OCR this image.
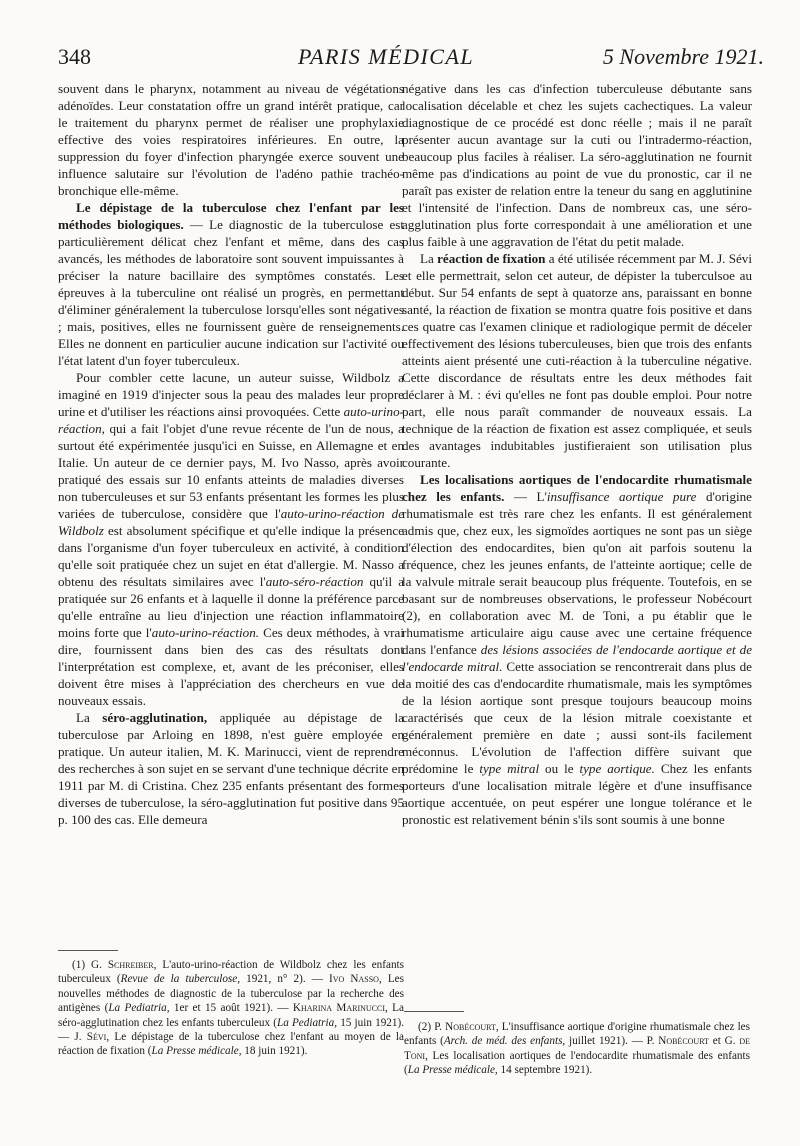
348	PARIS MÉDICAL	5 Novembre 1921.

souvent dans le pharynx, notamment au niveau de végétations adénoïdes. Leur constatation offre un grand intérêt pratique, car le traitement du pharynx permet de réaliser une prophylaxie effective des voies respiratoires inférieures. En outre, la suppression du foyer d'infection pharyngée exerce souvent une influence salutaire sur l'évolution de l'adéno pathie trachéo-bronchique elle-même.

Le dépistage de la tuberculose chez l'enfant par les méthodes biologiques. — Le diagnostic de la tuberculose est particulièrement délicat chez l'enfant et même, dans des cas avancés, les méthodes de laboratoire sont souvent impuissantes à préciser la nature bacillaire des symptômes constatés. Les épreuves à la tuberculine ont réalisé un progrès, en permettant d'éliminer généralement la tuberculose lorsqu'elles sont négatives ; mais, positives, elles ne fournissent guère de renseignements. Elles ne donnent en particulier aucune indication sur l'activité ou l'état latent d'un foyer tuberculeux.

Pour combler cette lacune, un auteur suisse, Wildbolz a imaginé en 1919 d'injecter sous la peau des malades leur propre urine et d'utiliser les réactions ainsi provoquées. Cette auto-urino-réaction, qui a fait l'objet d'une revue récente de l'un de nous, a surtout été expérimentée jusqu'ici en Suisse, en Allemagne et en Italie. Un auteur de ce dernier pays, M. Ivo Nasso, après avoir pratiqué des essais sur 10 enfants atteints de maladies diverses non tuberculeuses et sur 53 enfants présentant les formes les plus variées de tuberculose, considère que l'auto-urino-réaction de Wildbolz est absolument spécifique et qu'elle indique la présence dans l'organisme d'un foyer tuberculeux en activité, à condition qu'elle soit pratiquée chez un sujet en état d'allergie. M. Nasso a obtenu des résultats similaires avec l'auto-séro-réaction qu'il a pratiquée sur 26 enfants et à laquelle il donne la préférence parce qu'elle entraîne au lieu d'injection une réaction inflammatoire moins forte que l'auto-urino-réaction. Ces deux méthodes, à vrai dire, fournissent dans bien des cas des résultats dont l'interprétation est complexe, et, avant de les préconiser, elles doivent être mises à l'appréciation des chercheurs en vue de nouveaux essais.

La séro-agglutination, appliquée au dépistage de la tuberculose par Arloing en 1898, n'est guère employée en pratique. Un auteur italien, M. K. Marinucci, vient de reprendre des recherches à son sujet en se servant d'une technique décrite en 1911 par M. di Cristina. Chez 235 enfants présentant des formes diverses de tuberculose, la séro-agglutination fut positive dans 95 p. 100 des cas. Elle demeura

négative dans les cas d'infection tuberculeuse débutante sans localisation décelable et chez les sujets cachectiques. La valeur diagnostique de ce procédé est donc réelle ; mais il ne paraît présenter aucun avantage sur la cuti ou l'intradermo-réaction, beaucoup plus faciles à réaliser. La séro-agglutination ne fournit même pas d'indications au point de vue du pronostic, car il ne paraît pas exister de relation entre la teneur du sang en agglutinine et l'intensité de l'infection. Dans de nombreux cas, une séro-agglutination plus forte correspondait à une amélioration et une plus faible à une aggravation de l'état du petit malade.

La réaction de fixation a été utilisée récemment par M. J. Sévi et elle permettrait, selon cet auteur, de dépister la tuberculsoe au début. Sur 54 enfants de sept à quatorze ans, paraissant en bonne santé, la réaction de fixation se montra quatre fois positive et dans ces quatre cas l'examen clinique et radiologique permit de déceler effectivement des lésions tuberculeuses, bien que trois des enfants atteints aient présenté une cuti-réaction à la tuberculine négative. Cette discordance de résultats entre les deux méthodes fait déclarer à M. : évi qu'elles ne font pas double emploi. Pour notre part, elle nous paraît commander de nouveaux essais. La technique de la réaction de fixation est assez compliquée, et seuls des avantages indubitables justifieraient son utilisation plus courante.

Les localisations aortiques de l'endocardite rhumatismale chez les enfants. — L'insuffisance aortique pure d'origine rhumatismale est très rare chez les enfants. Il est généralement admis que, chez eux, les sigmoïdes aortiques ne sont pas un siège d'élection des endocardites, bien qu'on ait parfois soutenu la fréquence, chez les jeunes enfants, de l'atteinte aortique; celle de la valvule mitrale serait beaucoup plus fréquente. Toutefois, en se basant sur de nombreuses observations, le professeur Nobécourt (2), en collaboration avec M. de Toni, a pu établir que le rhumatisme articulaire aigu cause avec une certaine fréquence dans l'enfance des lésions associées de l'endocarde aortique et de l'endocarde mitral. Cette association se rencontrerait dans plus de la moitié des cas d'endocardite rhumatismale, mais les symptômes de la lésion aortique sont presque toujours beaucoup moins caractérisés que ceux de la lésion mitrale coexistante et généralement première en date ; aussi sont-ils facilement méconnus. L'évolution de l'affection diffère suivant que prédomine le type mitral ou le type aortique. Chez les enfants porteurs d'une localisation mitrale légère et d'une insuffisance aortique accentuée, on peut espérer une longue tolérance et le pronostic est relativement bénin s'ils sont soumis à une bonne

(1) G. Schreiber, L'auto-urino-réaction de Wildbolz chez les enfants tuberculeux (Revue de la tuberculose, 1921, n° 2). — Ivo Nasso, Les nouvelles méthodes de diagnostic de la tuberculose par la recherche des antigènes (La Pediatria, 1er et 15 août 1921). — Kharina Marinucci, La séro-agglutination chez les enfants tuberculeux (La Pediatria, 15 juin 1921). — J. Sévi, Le dépistage de la tuberculose chez l'enfant au moyen de la réaction de fixation (La Presse médicale, 18 juin 1921).

(2) P. Nobécourt, L'insuffisance aortique d'origine rhumatismale chez les enfants (Arch. de méd. des enfants, juillet 1921). — P. Nobécourt et G. de Toni, Les localisation aortiques de l'endocardite rhumatismale des enfants (La Presse médicale, 14 septembre 1921).
